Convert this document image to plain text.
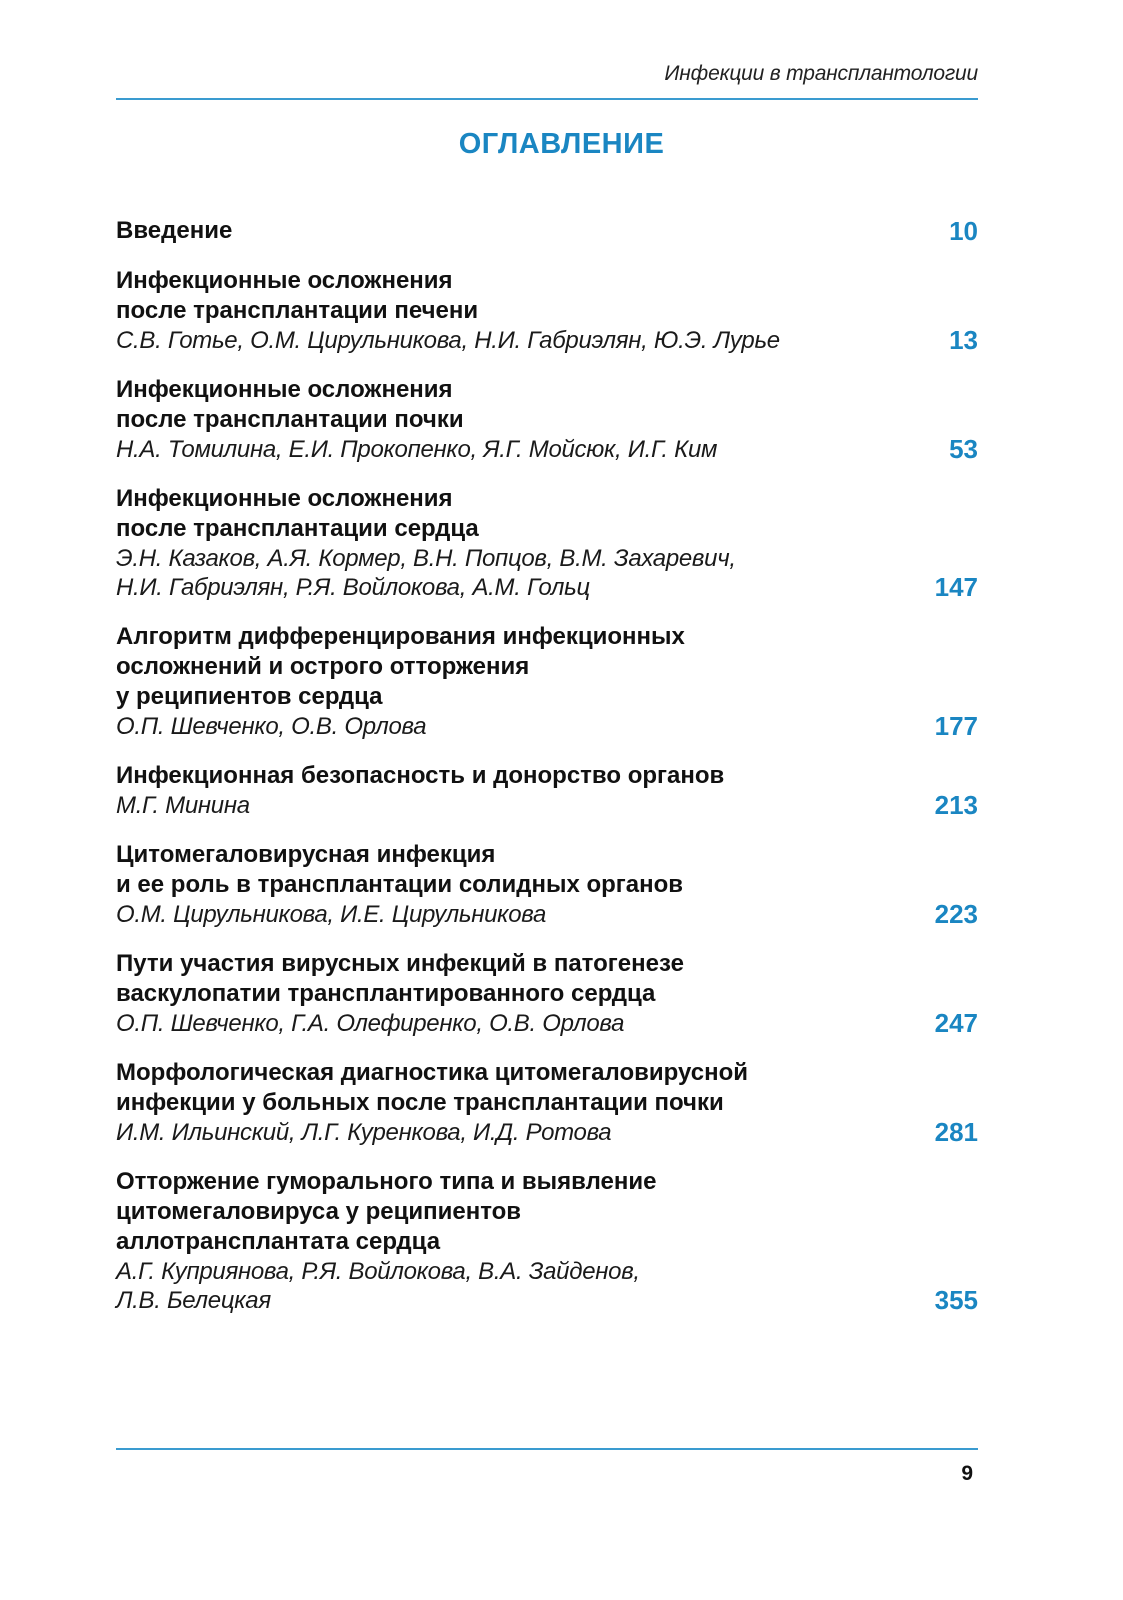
Инфекции в трансплантологии
ОГЛАВЛЕНИЕ
Введение	10
Инфекционные осложнения
после трансплантации печени
С.В. Готье, О.М. Цирульникова, Н.И. Габриэлян, Ю.Э. Лурье	13
Инфекционные осложнения
после трансплантации почки
Н.А. Томилина, Е.И. Прокопенко, Я.Г. Мойсюк, И.Г. Ким	53
Инфекционные осложнения
после трансплантации сердца
Э.Н. Казаков, А.Я. Кормер, В.Н. Попцов, В.М. Захаревич,
Н.И. Габриэлян, Р.Я. Войлокова, А.М. Гольц	147
Алгоритм дифференцирования инфекционных
осложнений и острого отторжения
у реципиентов сердца
О.П. Шевченко, О.В. Орлова	177
Инфекционная безопасность и донорство органов
М.Г. Минина	213
Цитомегаловирусная инфекция
и ее роль в трансплантации солидных органов
О.М. Цирульникова, И.Е. Цирульникова	223
Пути участия вирусных инфекций в патогенезе
васкулопатии трансплантированного сердца
О.П. Шевченко, Г.А. Олефиренко, О.В. Орлова	247
Морфологическая диагностика цитомегаловирусной
инфекции у больных после трансплантации почки
И.М. Ильинский, Л.Г. Куренкова, И.Д. Ротова	281
Отторжение гуморального типа и выявление
цитомегаловируса у реципиентов
аллотрансплантата сердца
А.Г. Куприянова, Р.Я. Войлокова, В.А. Зайденов,
Л.В. Белецкая	355
9
